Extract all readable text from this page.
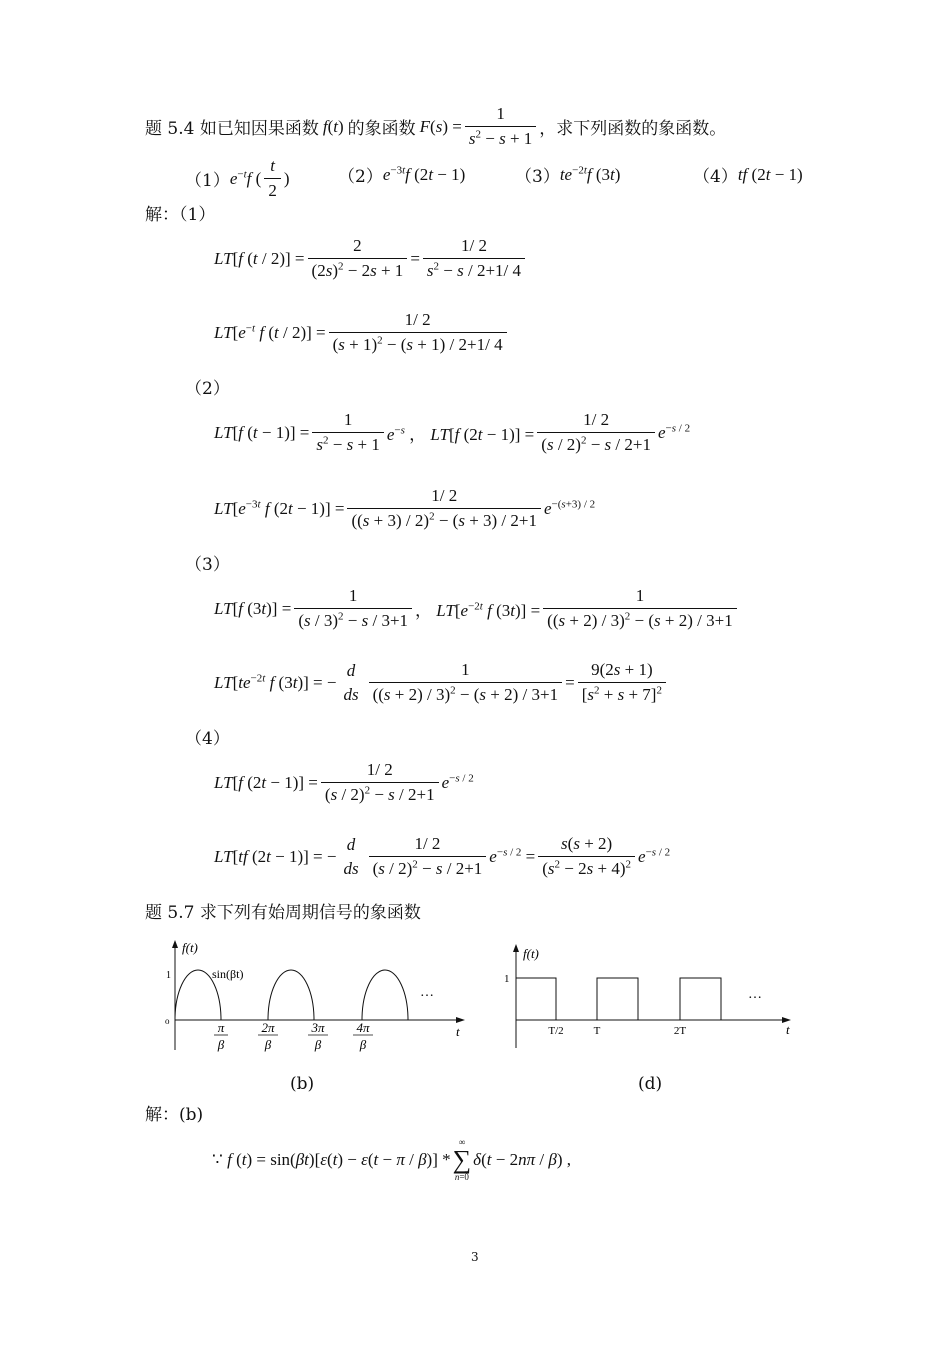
题 5.4 如已知因果函数 f(t) 的象函数 $F(s) = \frac{1}{s^2 - s + 1}$ ，求下列函数的象函数。
（1） $e^{-t}f$ ( $\frac{t}{2}$ )	（2） $e^{-3t}f$ (2t − 1)	（3） $te^{-2t}f$ (3t)	（4） tf (2t − 1)
解：（1）
LT[f $(t / 2)] = \frac{2}{(2s)^2 - 2s + 1} = \frac{1/ 2}{s^2 - s / 2+1/ 4}$
$LT[e^{-t}$ f $(t / 2)] = \frac{1/ 2}{(s + 1)^2 - (s + 1) / 2+1/ 4}$
（2）
LT[f $(t - 1)] = \frac{1}{s^2 - s + 1} e^{-s}$ ， LT[f $(2t - 1)] = \frac{1/ 2}{(s / 2)^2 - s / 2+1} e^{-s / 2}$
$LT[e^{-3t}$ f $(2t - 1)] = \frac{1/ 2}{((s + 3) / 2)^2 - (s + 3) / 2+1} e^{-(s+3) / 2}$
（3）
LT[f $(3t)] = \frac{1}{(s / 3)^2 - s / 3+1}$ ， $LT[e^{-2t}$ f $(3t)] = \frac{1}{((s + 2) / 3)^2 - (s + 2) / 3+1}$
$LT[te^{-2t}$ f (3t)] = −
d
ds $\frac{1}{((s + 2) / 3)^2 - (s + 2) / 3+1} = \frac{9(2s + 1)}{[s^2 + s + 7]^2}$
（4）
LT[f $(2t - 1)] = \frac{1/ 2}{(s / 2)^2 - s / 2+1} e^{-s / 2}$
LT[tf (2t − 1)] = −
d
ds $\frac{1/ 2}{(s / 2)^2 - s / 2+1} e^{-s / 2} = \frac{s(s + 2)}{(s^2 - 2s + 4)^2} e^{-s / 2}$
题 5.7 求下列有始周期信号的象函数
f(t)
1
o
sin(βt)
…
t
π
β
2π
β
3π
β
4π
β
(b)
f(t)
1
…
T/2	T	2T	t
(d)
解：(b)
∵ f (t) = sin(βt)[ε(t) − ε(t − π / β)] *
∞
∑
n=0
δ(t − 2nπ / β) ,
3
